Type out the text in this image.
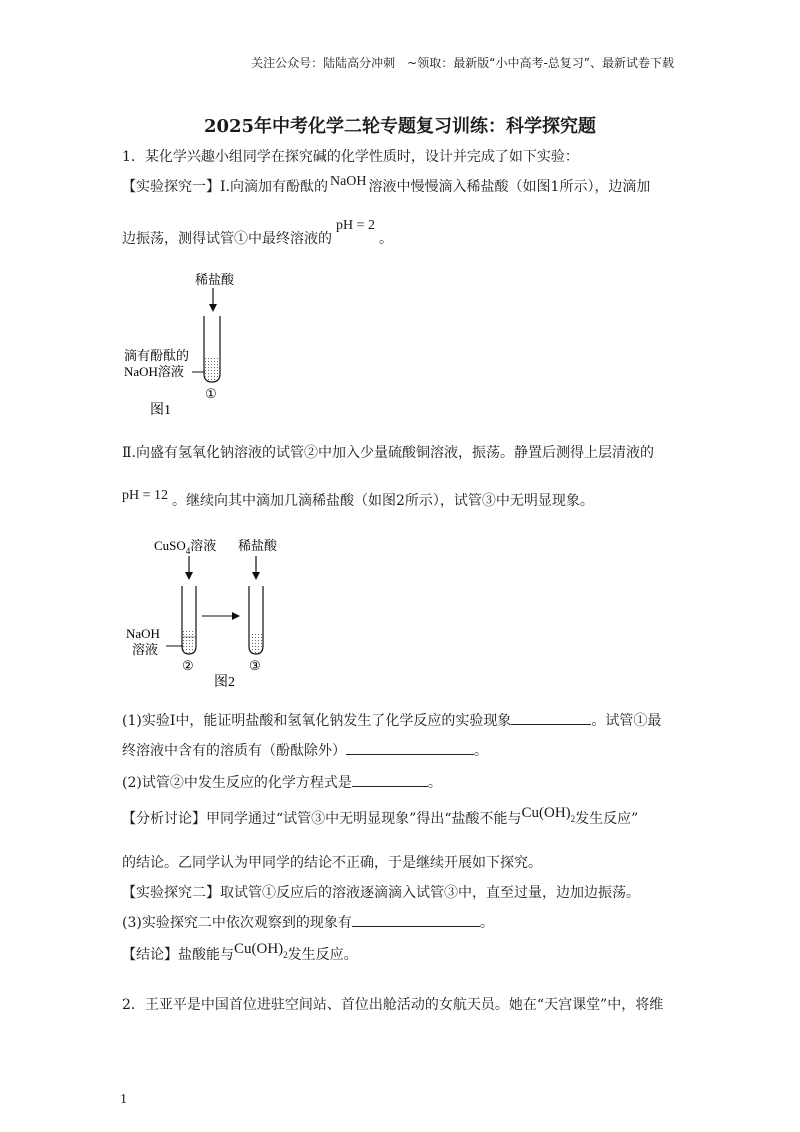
关注公众号：陆陆高分冲刺　~领取：最新版“小中高考-总复习”、最新试卷下载
2025年中考化学二轮专题复习训练：科学探究题
1．某化学兴趣小组同学在探究碱的化学性质时，设计并完成了如下实验：
【实验探究一】Ⅰ.向滴加有酚酞的 NaOH 溶液中慢慢滴入稀盐酸（如图1所示），边滴加
边振荡，测得试管①中最终溶液的pH = 2。
稀盐酸
滴有酚酞的
NaOH溶液
①
图1
Ⅱ.向盛有氢氧化钠溶液的试管②中加入少量硫酸铜溶液，振荡。静置后测得上层清液的
pH = 12 。继续向其中滴加几滴稀盐酸（如图2所示），试管③中无明显现象。
CuSO$_4$溶液 稀盐酸
NaOH
溶液
②	③
图2
(1)实验Ⅰ中，能证明盐酸和氢氧化钠发生了化学反应的实验现象	。试管①最
终溶液中含有的溶质有（酚酞除外）	。
(2)试管②中发生反应的化学方程式是	。
【分析讨论】甲同学通过“试管③中无明显现象”得出“盐酸不能与$Cu(OH)_2$发生反应”
的结论。乙同学认为甲同学的结论不正确，于是继续开展如下探究。
【实验探究二】取试管①反应后的溶液逐滴滴入试管③中，直至过量，边加边振荡。
(3)实验探究二中依次观察到的现象有	。
【结论】盐酸能与$Cu(OH)_2$发生反应。
2．王亚平是中国首位进驻空间站、首位出舱活动的女航天员。她在“天宫课堂”中，将维
1
